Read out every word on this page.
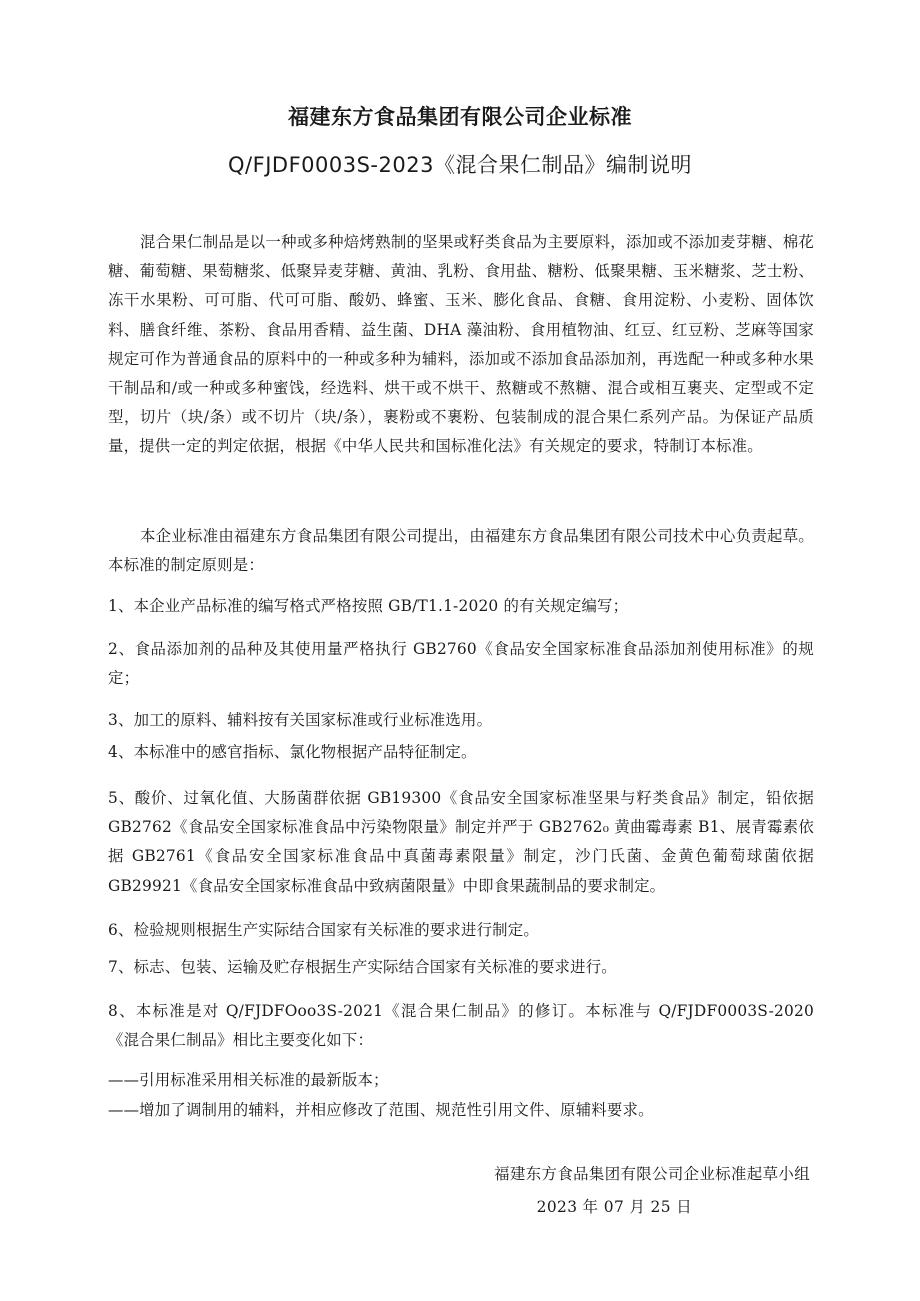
福建东方食品集团有限公司企业标准
Q/FJDF0003S-2023《混合果仁制品》编制说明

混合果仁制品是以一种或多种焙烤熟制的坚果或籽类食品为主要原料，添加或不添加麦芽糖、棉花糖、葡萄糖、果萄糖浆、低聚异麦芽糖、黄油、乳粉、食用盐、糖粉、低聚果糖、玉米糖浆、芝士粉、冻干水果粉、可可脂、代可可脂、酸奶、蜂蜜、玉米、膨化食品、食糖、食用淀粉、小麦粉、固体饮料、膳食纤维、茶粉、食品用香精、益生菌、DHA 藻油粉、食用植物油、红豆、红豆粉、芝麻等国家规定可作为普通食品的原料中的一种或多种为辅料，添加或不添加食品添加剂，再选配一种或多种水果干制品和/或一种或多种蜜饯，经选料、烘干或不烘干、熬糖或不熬糖、混合或相互裹夹、定型或不定型，切片（块/条）或不切片（块/条），裹粉或不裹粉、包装制成的混合果仁系列产品。为保证产品质量，提供一定的判定依据，根据《中华人民共和国标准化法》有关规定的要求，特制订本标准。

本企业标准由福建东方食品集团有限公司提出，由福建东方食品集团有限公司技术中心负责起草。本标准的制定原则是：

1、本企业产品标准的编写格式严格按照 GB/T1.1-2020 的有关规定编写；

2、食品添加剂的品种及其使用量严格执行 GB2760《食品安全国家标准食品添加剂使用标准》的规定；

3、加工的原料、辅料按有关国家标准或行业标准选用。

4、本标准中的感官指标、氯化物根据产品特征制定。

5、酸价、过氧化值、大肠菌群依据 GB19300《食品安全国家标准坚果与籽类食品》制定，铅依据 GB2762《食品安全国家标准食品中污染物限量》制定并严于 GB2762₀ 黄曲霉毒素 B1、展青霉素依据 GB2761《食品安全国家标准食品中真菌毒素限量》制定，沙门氏菌、金黄色葡萄球菌依据 GB29921《食品安全国家标准食品中致病菌限量》中即食果蔬制品的要求制定。

6、检验规则根据生产实际结合国家有关标准的要求进行制定。

7、标志、包装、运输及贮存根据生产实际结合国家有关标准的要求进行。

8、本标准是对 Q/FJDFOoo3S-2021《混合果仁制品》的修订。本标准与 Q/FJDF0003S-2020《混合果仁制品》相比主要变化如下：

——引用标准采用相关标准的最新版本；

——增加了调制用的辅料，并相应修改了范围、规范性引用文件、原辅料要求。

福建东方食品集团有限公司企业标准起草小组
2023 年 07 月 25 日
